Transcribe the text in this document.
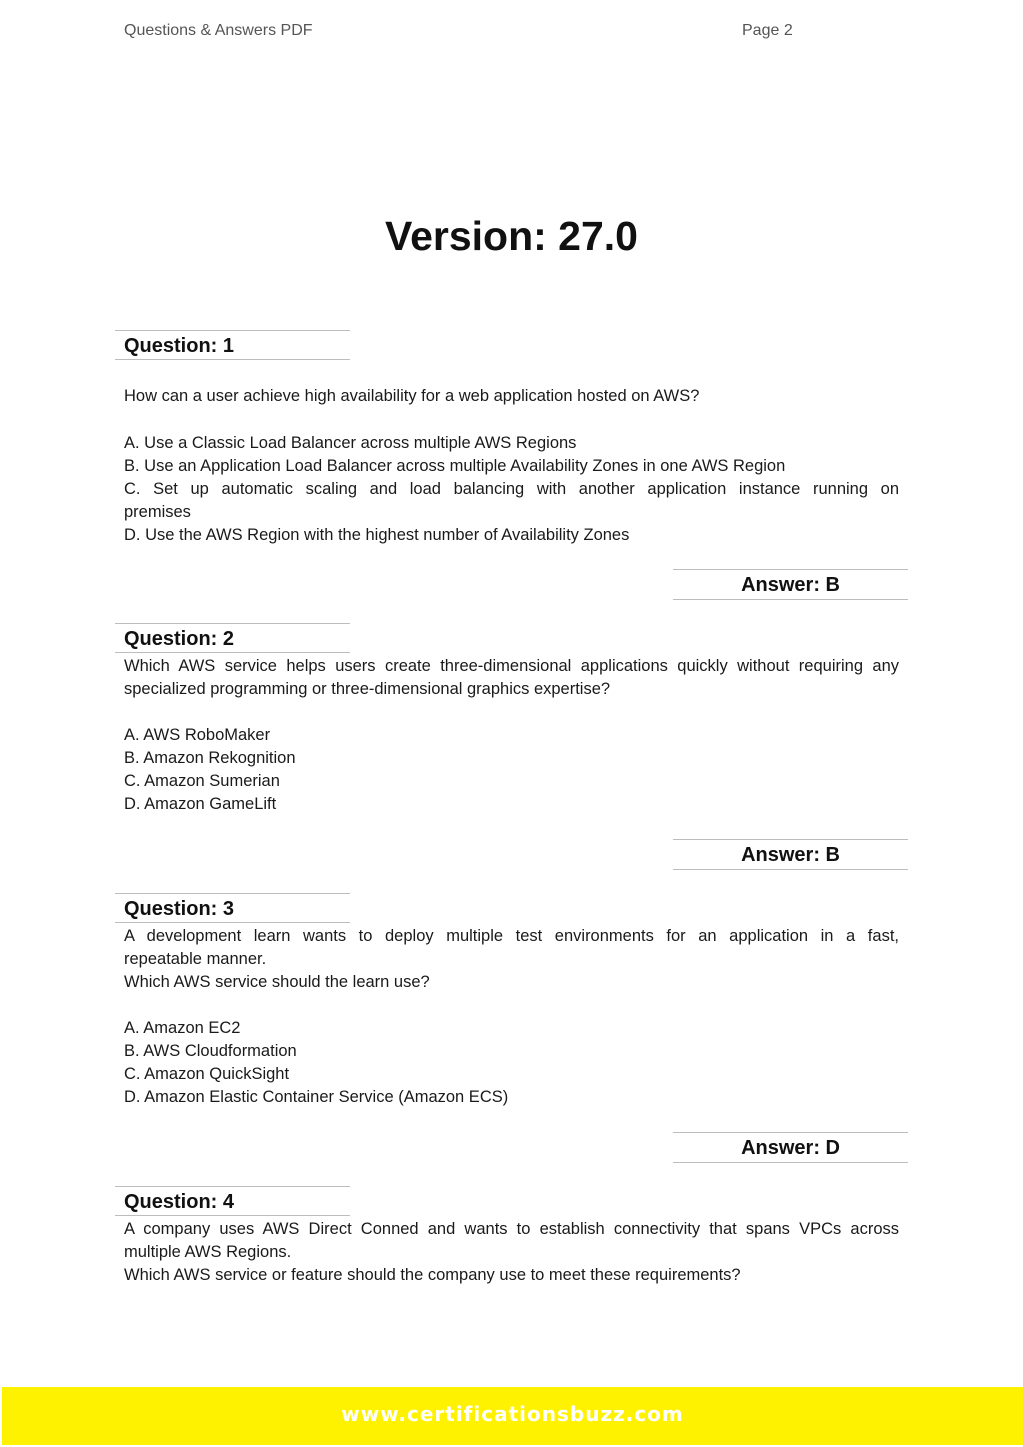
Questions & Answers PDF	Page 2
Version: 27.0
Question: 1
How can a user achieve high availability for a web application hosted on AWS?
A. Use a Classic Load Balancer across multiple AWS Regions
B. Use an Application Load Balancer across multiple Availability Zones in one AWS Region
C. Set up automatic scaling and load balancing with another application instance running on
premises
D. Use the AWS Region with the highest number of Availability Zones
Answer: B
Question: 2
Which AWS service helps users create three-dimensional applications quickly without requiring any
specialized programming or three-dimensional graphics expertise?
A. AWS RoboMaker
B. Amazon Rekognition
C. Amazon Sumerian
D. Amazon GameLift
Answer: B
Question: 3
A development learn wants to deploy multiple test environments for an application in a fast,
repeatable manner.
Which AWS service should the learn use?
A. Amazon EC2
B. AWS Cloudformation
C. Amazon QuickSight
D. Amazon Elastic Container Service (Amazon ECS)
Answer: D
Question: 4
A company uses AWS Direct Conned and wants to establish connectivity that spans VPCs across
multiple AWS Regions.
Which AWS service or feature should the company use to meet these requirements?
www.certificationsbuzz.com
